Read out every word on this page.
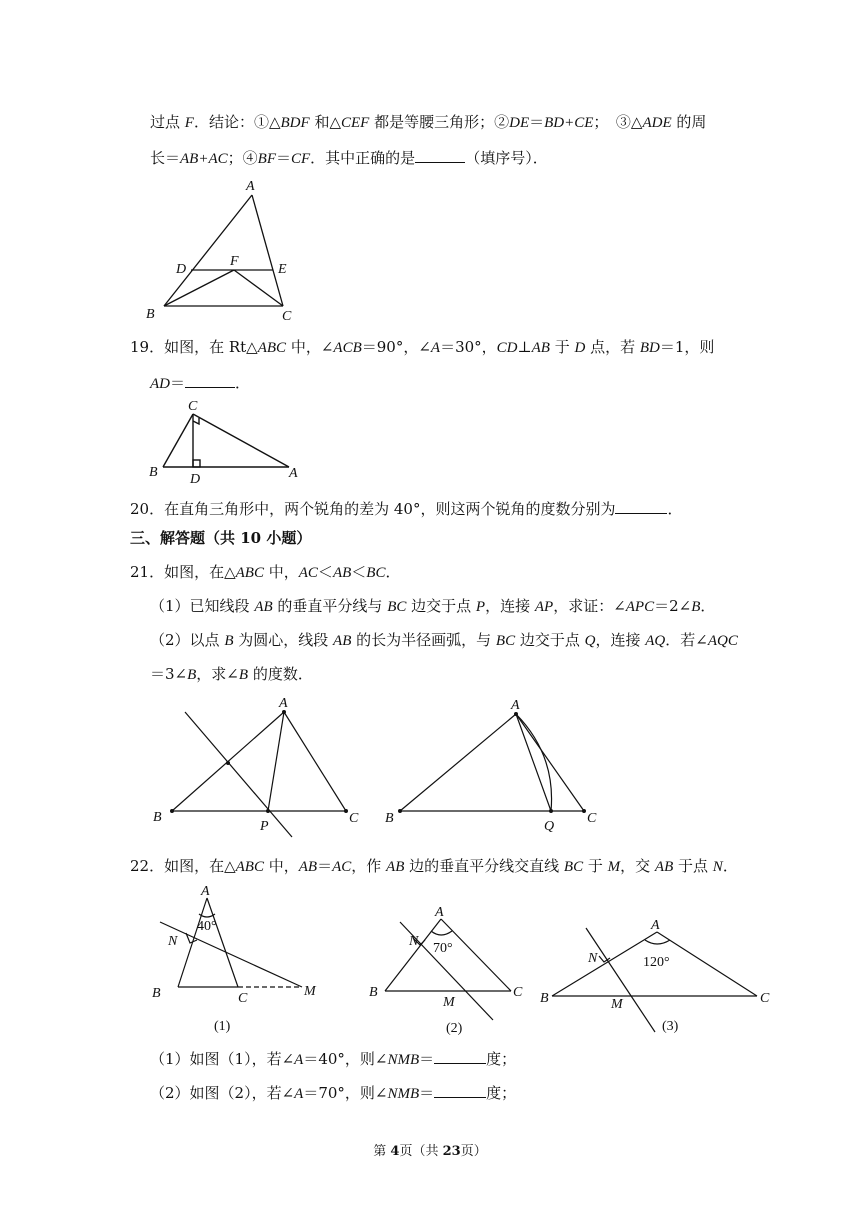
过点 F．结论：①△BDF 和△CEF 都是等腰三角形；②DE＝BD+CE；　③△ADE 的周
长＝AB+AC；④BF＝CF．其中正确的是	（填序号）．
A
B	C
D	E
F
19．如图，在 Rt△ABC 中，∠ACB＝90°，∠A＝30°，CD⊥AB 于 D 点，若 BD＝1，则
AD＝	．
C
B D	A
20．在直角三角形中，两个锐角的差为 40°，则这两个锐角的度数分别为	．
三、解答题（共 10 小题）
21．如图，在△ABC 中，AC＜AB＜BC．
（1）已知线段 AB 的垂直平分线与 BC 边交于点 P，连接 AP，求证：∠APC＝2∠B．
（2）以点 B 为圆心，线段 AB 的长为半径画弧，与 BC 边交于点 Q，连接 AQ．若∠AQC
＝3∠B，求∠B 的度数．
A
B	C
P
A
B	C
Q
22．如图，在△ABC 中，AB＝AC，作 AB 边的垂直平分线交直线 BC 于 M，交 AB 于点 N．
A
N
B	C	M
40°
(1)
A
N
B
M
C
70°
(2)
A
N
B	M	C
120°
(3)
（1）如图（1），若∠A＝40°，则∠NMB＝	度；
（2）如图（2），若∠A＝70°，则∠NMB＝	度；
第 4页（共 23页）
